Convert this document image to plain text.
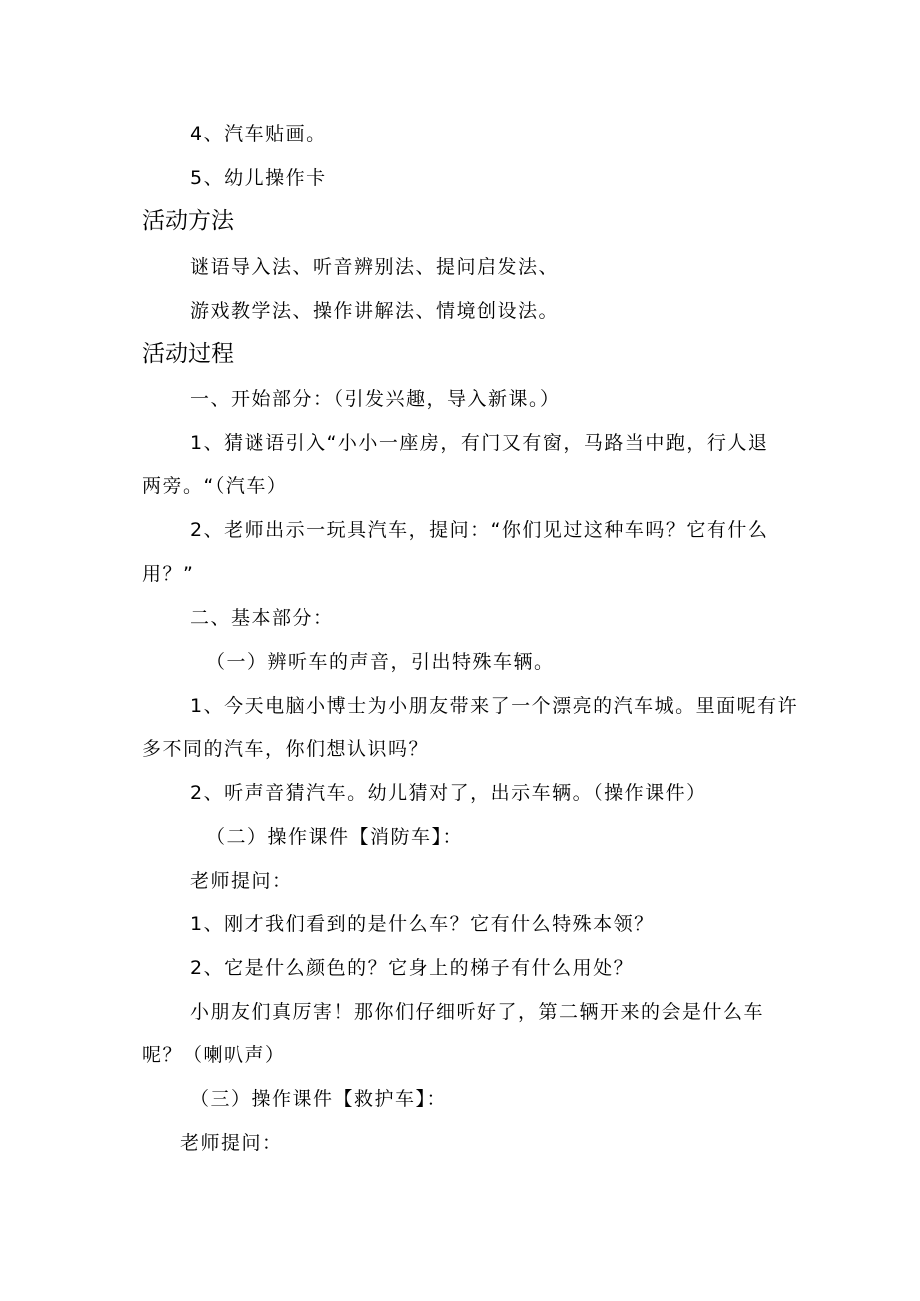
4、汽车贴画。
5、幼儿操作卡
活动方法
谜语导入法、听音辨别法、提问启发法、
游戏教学法、操作讲解法、情境创设法。
活动过程
一、开始部分：（引发兴趣，导入新课。）
1、猜谜语引入“小小一座房，有门又有窗，马路当中跑，行人退
两旁。“（汽车）
2、老师出示一玩具汽车，提问：“你们见过这种车吗？它有什么
用？”
二、基本部分：
（一）辨听车的声音，引出特殊车辆。
1、今天电脑小博士为小朋友带来了一个漂亮的汽车城。里面呢有许
多不同的汽车，你们想认识吗？
2、听声音猜汽车。幼儿猜对了，出示车辆。（操作课件）
（二）操作课件【消防车】：
老师提问：
1、刚才我们看到的是什么车？它有什么特殊本领？
2、它是什么颜色的？它身上的梯子有什么用处？
小朋友们真厉害！那你们仔细听好了，第二辆开来的会是什么车
呢？（喇叭声）
（三）操作课件【救护车】：
老师提问：
